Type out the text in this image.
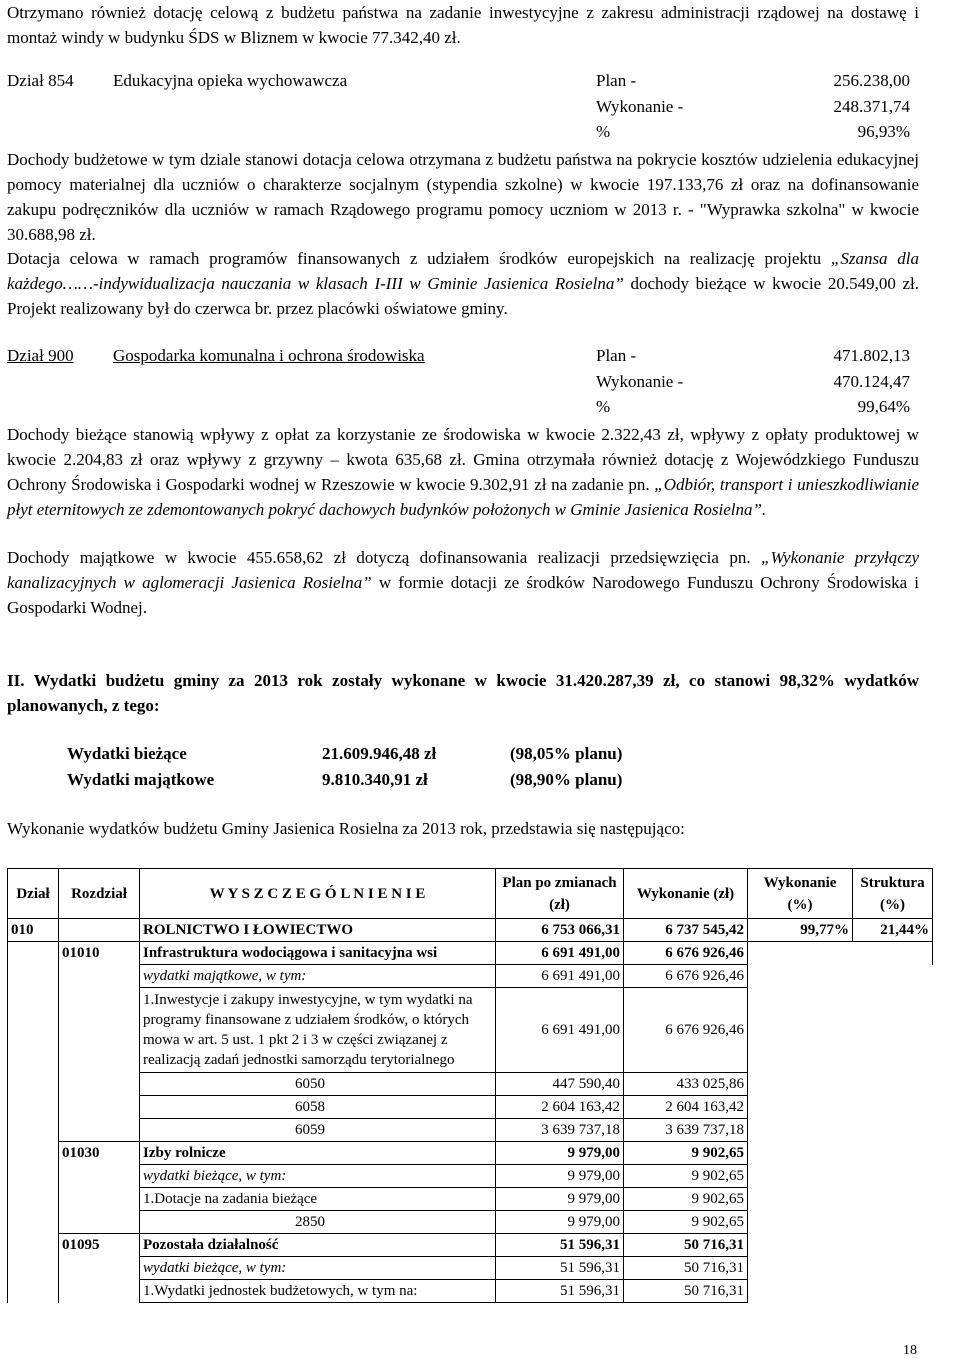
Otrzymano również dotację celową z budżetu państwa na zadanie inwestycyjne z zakresu administracji rządowej na dostawę i montaż windy w budynku ŚDS w Bliznem w kwocie 77.342,40 zł.
Dział 854 Edukacyjna opieka wychowawcza	Plan -	256.238,00
Wykonanie -	248.371,74
%	96,93%
Dochody budżetowe w tym dziale stanowi dotacja celowa otrzymana z budżetu państwa na pokrycie kosztów udzielenia edukacyjnej pomocy materialnej dla uczniów o charakterze socjalnym (stypendia szkolne) w kwocie 197.133,76 zł oraz na dofinansowanie zakupu podręczników dla uczniów w ramach Rządowego programu pomocy uczniom w 2013 r. - "Wyprawka szkolna" w kwocie 30.688,98 zł.
Dotacja celowa w ramach programów finansowanych z udziałem środków europejskich na realizację projektu „Szansa dla każdego……-indywidualizacja nauczania w klasach I-III w Gminie Jasienica Rosielna” dochody bieżące w kwocie 20.549,00 zł. Projekt realizowany był do czerwca br. przez placówki oświatowe gminy.
Dział 900 Gospodarka komunalna i ochrona środowiska	Plan -	471.802,13
Wykonanie -	470.124,47
%	99,64%
Dochody bieżące stanowią wpływy z opłat za korzystanie ze środowiska w kwocie 2.322,43 zł, wpływy z opłaty produktowej w kwocie 2.204,83 zł oraz wpływy z grzywny – kwota 635,68 zł. Gmina otrzymała również dotację z Wojewódzkiego Funduszu Ochrony Środowiska i Gospodarki wodnej w Rzeszowie w kwocie 9.302,91 zł na zadanie pn. „Odbiór, transport i unieszkodliwianie płyt eternitowych ze zdemontowanych pokryć dachowych budynków położonych w Gminie Jasienica Rosielna”.
Dochody majątkowe w kwocie 455.658,62 zł dotyczą dofinansowania realizacji przedsięwzięcia pn. „Wykonanie przyłączy kanalizacyjnych w aglomeracji Jasienica Rosielna” w formie dotacji ze środków Narodowego Funduszu Ochrony Środowiska i Gospodarki Wodnej.
II. Wydatki budżetu gminy za 2013 rok zostały wykonane w kwocie 31.420.287,39 zł, co stanowi 98,32% wydatków planowanych, z tego:
Wydatki bieżące	21.609.946,48 zł	(98,05% planu)
Wydatki majątkowe	9.810.340,91 zł	(98,90% planu)
Wykonanie wydatków budżetu Gminy Jasienica Rosielna za 2013 rok, przedstawia się następująco:
Dział	Rozdział	W Y S Z C Z E G Ó L N I E N I E	Plan po zmianach (zł)	Wykonanie (zł)	Wykonanie (%)	Struktura (%)
010		ROLNICTWO I ŁOWIECTWO	6 753 066,31	6 737 545,42	99,77%	21,44%
	01010	Infrastruktura wodociągowa i sanitacyjna wsi	6 691 491,00	6 676 926,46		
		wydatki majątkowe, w tym:	6 691 491,00	6 676 926,46		
		1.Inwestycje i zakupy inwestycyjne, w tym wydatki na programy finansowane z udziałem środków, o których mowa w art. 5 ust. 1 pkt 2 i 3 w części związanej z realizacją zadań jednostki samorządu terytorialnego	6 691 491,00	6 676 926,46		
		6050	447 590,40	433 025,86		
		6058	2 604 163,42	2 604 163,42		
		6059	3 639 737,18	3 639 737,18		
	01030	Izby rolnicze	9 979,00	9 902,65		
		wydatki bieżące, w tym:	9 979,00	9 902,65		
		1.Dotacje na zadania bieżące	9 979,00	9 902,65		
		2850	9 979,00	9 902,65		
	01095	Pozostała działalność	51 596,31	50 716,31		
		wydatki bieżące, w tym:	51 596,31	50 716,31		
		1.Wydatki jednostek budżetowych, w tym na:	51 596,31	50 716,31		
18
